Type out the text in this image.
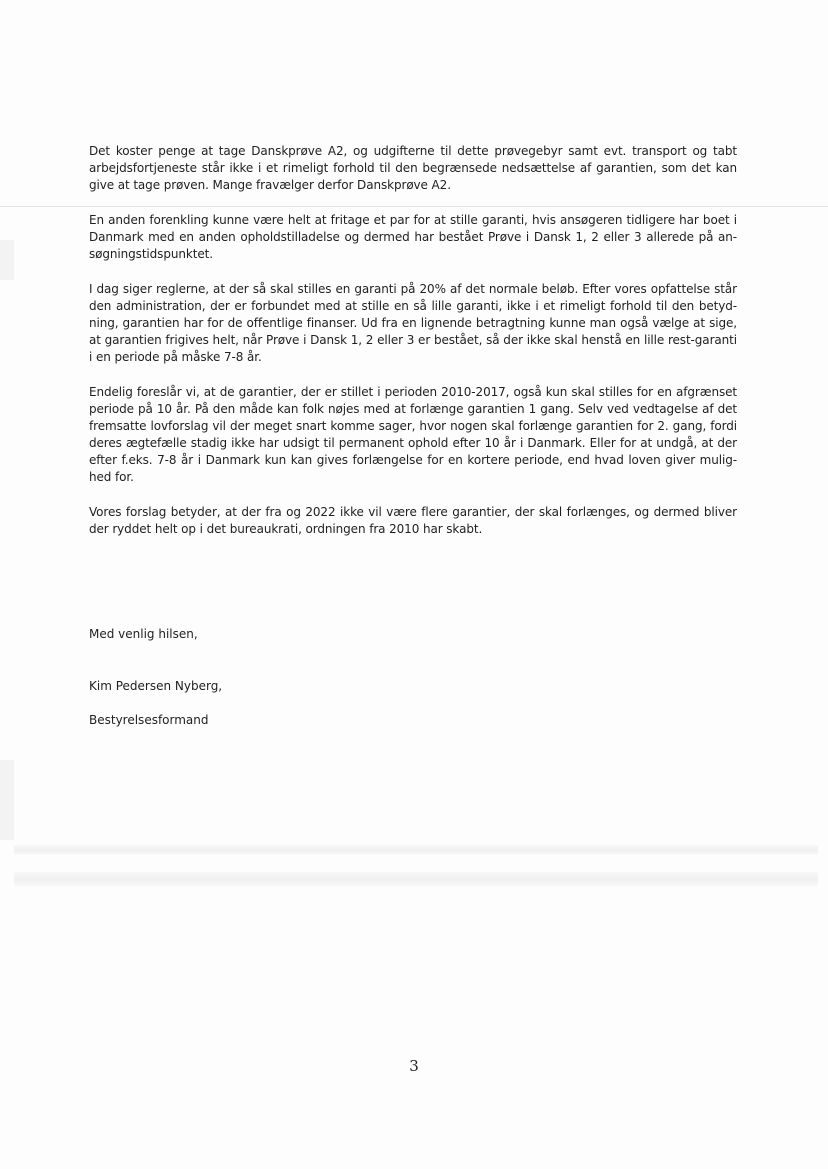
Det koster penge at tage Danskprøve A2, og udgifterne til dette prøvegebyr samt evt. transport og tabt arbejdsfortjeneste står ikke i et rimeligt forhold til den begrænsede nedsættelse af garantien, som det kan give at tage prøven. Mange fravælger derfor Danskprøve A2.

En anden forenkling kunne være helt at fritage et par for at stille garanti, hvis ansøgeren tidligere har boet i Danmark med en anden opholdstilladelse og dermed har bestået Prøve i Dansk 1, 2 eller 3 allerede på an-søgningstidspunktet.

I dag siger reglerne, at der så skal stilles en garanti på 20% af det normale beløb. Efter vores opfattelse står den administration, der er forbundet med at stille en så lille garanti, ikke i et rimeligt forhold til den betyd-ning, garantien har for de offentlige finanser. Ud fra en lignende betragtning kunne man også vælge at sige, at garantien frigives helt, når Prøve i Dansk 1, 2 eller 3 er bestået, så der ikke skal henstå en lille rest-garanti i en periode på måske 7-8 år.

Endelig foreslår vi, at de garantier, der er stillet i perioden 2010-2017, også kun skal stilles for en afgrænset periode på 10 år. På den måde kan folk nøjes med at forlænge garantien 1 gang. Selv ved vedtagelse af det fremsatte lovforslag vil der meget snart komme sager, hvor nogen skal forlænge garantien for 2. gang, fordi deres ægtefælle stadig ikke har udsigt til permanent ophold efter 10 år i Danmark. Eller for at undgå, at der efter f.eks. 7-8 år i Danmark kun kan gives forlængelse for en kortere periode, end hvad loven giver mulig-hed for.

Vores forslag betyder, at der fra og 2022 ikke vil være flere garantier, der skal forlænges, og dermed bliver der ryddet helt op i det bureaukrati, ordningen fra 2010 har skabt.

Med venlig hilsen,
Kim Pedersen Nyberg,
Bestyrelsesformand
3
